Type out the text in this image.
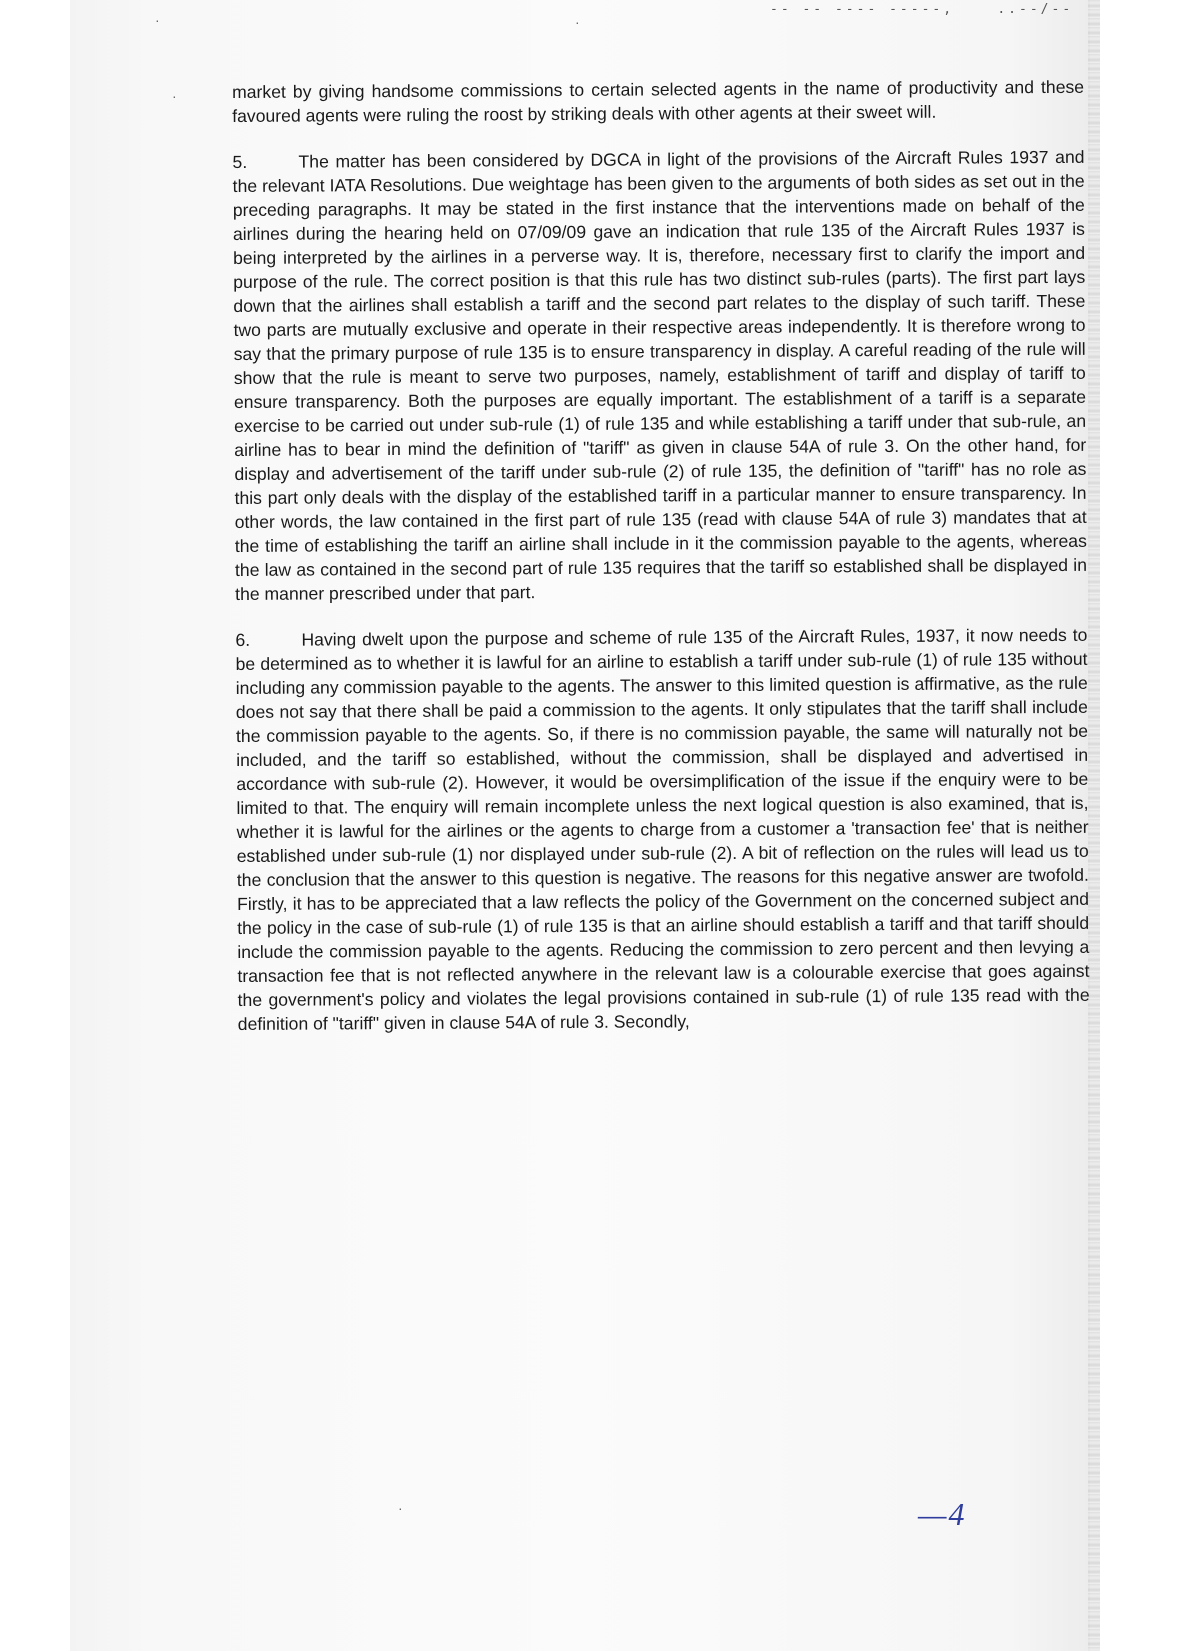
-- -- ---- -----,    ..--/--
·
·
·
·

market by giving handsome commissions to certain selected agents in the name of productivity and these favoured agents were ruling the roost by striking deals with other agents at their sweet will.

5.	The matter has been considered by DGCA in light of the provisions of the Aircraft Rules 1937 and the relevant IATA Resolutions. Due weightage has been given to the arguments of both sides as set out in the preceding paragraphs. It may be stated in the first instance that the interventions made on behalf of the airlines during the hearing held on 07/09/09 gave an indication that rule 135 of the Aircraft Rules 1937 is being interpreted by the airlines in a perverse way. It is, therefore, necessary first to clarify the import and purpose of the rule. The correct position is that this rule has two distinct sub-rules (parts). The first part lays down that the airlines shall establish a tariff and the second part relates to the display of such tariff. These two parts are mutually exclusive and operate in their respective areas independently. It is therefore wrong to say that the primary purpose of rule 135 is to ensure transparency in display. A careful reading of the rule will show that the rule is meant to serve two purposes, namely, establishment of tariff and display of tariff to ensure transparency. Both the purposes are equally important. The establishment of a tariff is a separate exercise to be carried out under sub-rule (1) of rule 135 and while establishing a tariff under that sub-rule, an airline has to bear in mind the definition of "tariff" as given in clause 54A of rule 3. On the other hand, for display and advertisement of the tariff under sub-rule (2) of rule 135, the definition of "tariff" has no role as this part only deals with the display of the established tariff in a particular manner to ensure transparency. In other words, the law contained in the first part of rule 135 (read with clause 54A of rule 3) mandates that at the time of establishing the tariff an airline shall include in it the commission payable to the agents, whereas the law as contained in the second part of rule 135 requires that the tariff so established shall be displayed in the manner prescribed under that part.

6.	Having dwelt upon the purpose and scheme of rule 135 of the Aircraft Rules, 1937, it now needs to be determined as to whether it is lawful for an airline to establish a tariff under sub-rule (1) of rule 135 without including any commission payable to the agents. The answer to this limited question is affirmative, as the rule does not say that there shall be paid a commission to the agents. It only stipulates that the tariff shall include the commission payable to the agents. So, if there is no commission payable, the same will naturally not be included, and the tariff so established, without the commission, shall be displayed and advertised in accordance with sub-rule (2). However, it would be oversimplification of the issue if the enquiry were to be limited to that. The enquiry will remain incomplete unless the next logical question is also examined, that is, whether it is lawful for the airlines or the agents to charge from a customer a 'transaction fee' that is neither established under sub-rule (1) nor displayed under sub-rule (2). A bit of reflection on the rules will lead us to the conclusion that the answer to this question is negative. The reasons for this negative answer are twofold. Firstly, it has to be appreciated that a law reflects the policy of the Government on the concerned subject and the policy in the case of sub-rule (1) of rule 135 is that an airline should establish a tariff and that tariff should include the commission payable to the agents. Reducing the commission to zero percent and then levying a transaction fee that is not reflected anywhere in the relevant law is a colourable exercise that goes against the government's policy and violates the legal provisions contained in sub-rule (1) of rule 135 read with the definition of "tariff" given in clause 54A of rule 3. Secondly,

—4
